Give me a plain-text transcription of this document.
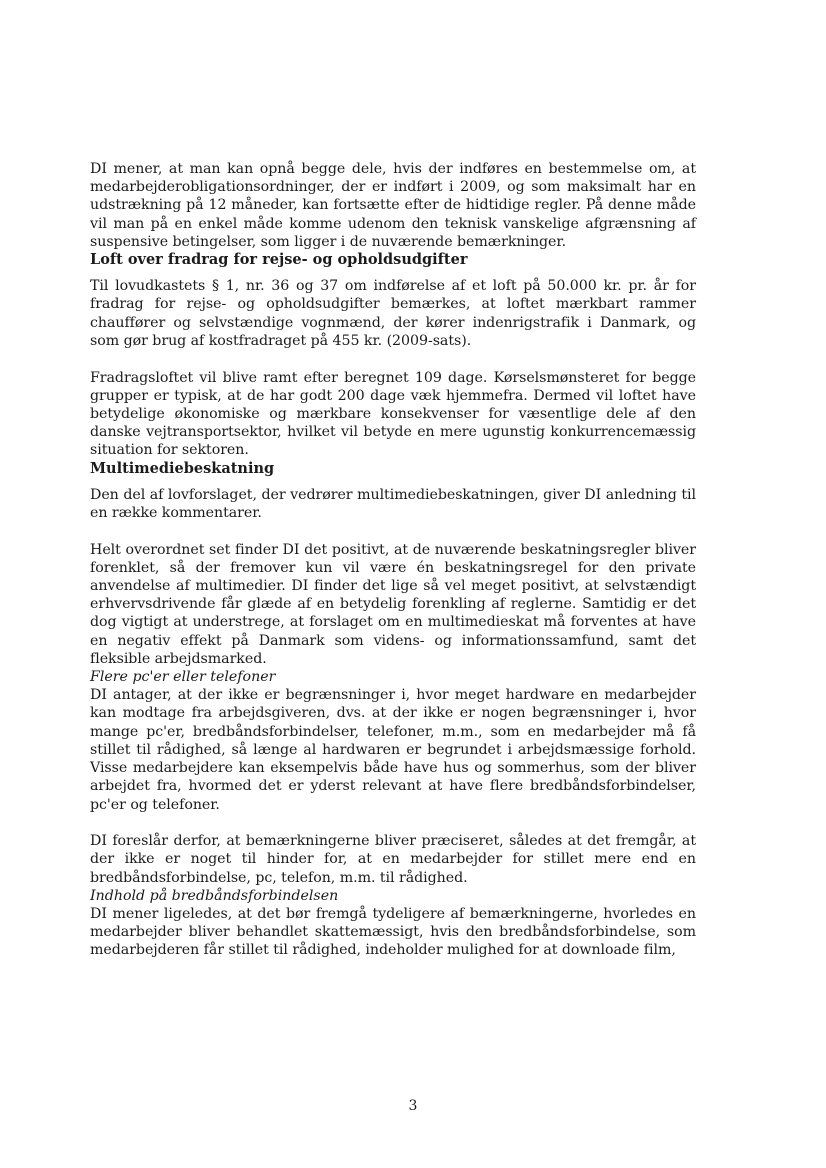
DI mener, at man kan opnå begge dele, hvis der indføres en bestemmelse om, at medarbejderobligationsordninger, der er indført i 2009, og som maksimalt har en udstrækning på 12 måneder, kan fortsætte efter de hidtidige regler. På denne måde vil man på en enkel måde komme udenom den teknisk vanskelige afgrænsning af suspensive betingelser, som ligger i de nuværende bemærkninger.

Loft over fradrag for rejse- og opholdsudgifter

Til lovudkastets § 1, nr. 36 og 37 om indførelse af et loft på 50.000 kr. pr. år for fradrag for rejse- og opholdsudgifter bemærkes, at loftet mærkbart rammer chauffører og selvstændige vognmænd, der kører indenrigstrafik i Danmark, og som gør brug af kostfradraget på 455 kr. (2009-sats).

Fradragsloftet vil blive ramt efter beregnet 109 dage. Kørselsmønsteret for begge grupper er typisk, at de har godt 200 dage væk hjemmefra. Dermed vil loftet have betydelige økonomiske og mærkbare konsekvenser for væsentlige dele af den danske vejtransportsektor, hvilket vil betyde en mere ugunstig konkurrencemæssig situation for sektoren.

Multimediebeskatning

Den del af lovforslaget, der vedrører multimediebeskatningen, giver DI anledning til en række kommentarer.

Helt overordnet set finder DI det positivt, at de nuværende beskatningsregler bliver forenklet, så der fremover kun vil være én beskatningsregel for den private anvendelse af multimedier. DI finder det lige så vel meget positivt, at selvstændigt erhvervsdrivende får glæde af en betydelig forenkling af reglerne. Samtidig er det dog vigtigt at understrege, at forslaget om en multimedieskat må forventes at have en negativ effekt på Danmark som videns- og informationssamfund, samt det fleksible arbejdsmarked.

Flere pc'er eller telefoner

DI antager, at der ikke er begrænsninger i, hvor meget hardware en medarbejder kan modtage fra arbejdsgiveren, dvs. at der ikke er nogen begrænsninger i, hvor mange pc'er, bredbåndsforbindelser, telefoner, m.m., som en medarbejder må få stillet til rådighed, så længe al hardwaren er begrundet i arbejdsmæssige forhold. Visse medarbejdere kan eksempelvis både have hus og sommerhus, som der bliver arbejdet fra, hvormed det er yderst relevant at have flere bredbåndsforbindelser, pc'er og telefoner.

DI foreslår derfor, at bemærkningerne bliver præciseret, således at det fremgår, at der ikke er noget til hinder for, at en medarbejder for stillet mere end en bredbåndsforbindelse, pc, telefon, m.m. til rådighed.

Indhold på bredbåndsforbindelsen

DI mener ligeledes, at det bør fremgå tydeligere af bemærkningerne, hvorledes en medarbejder bliver behandlet skattemæssigt, hvis den bredbåndsforbindelse, som medarbejderen får stillet til rådighed, indeholder mulighed for at downloade film,

3
